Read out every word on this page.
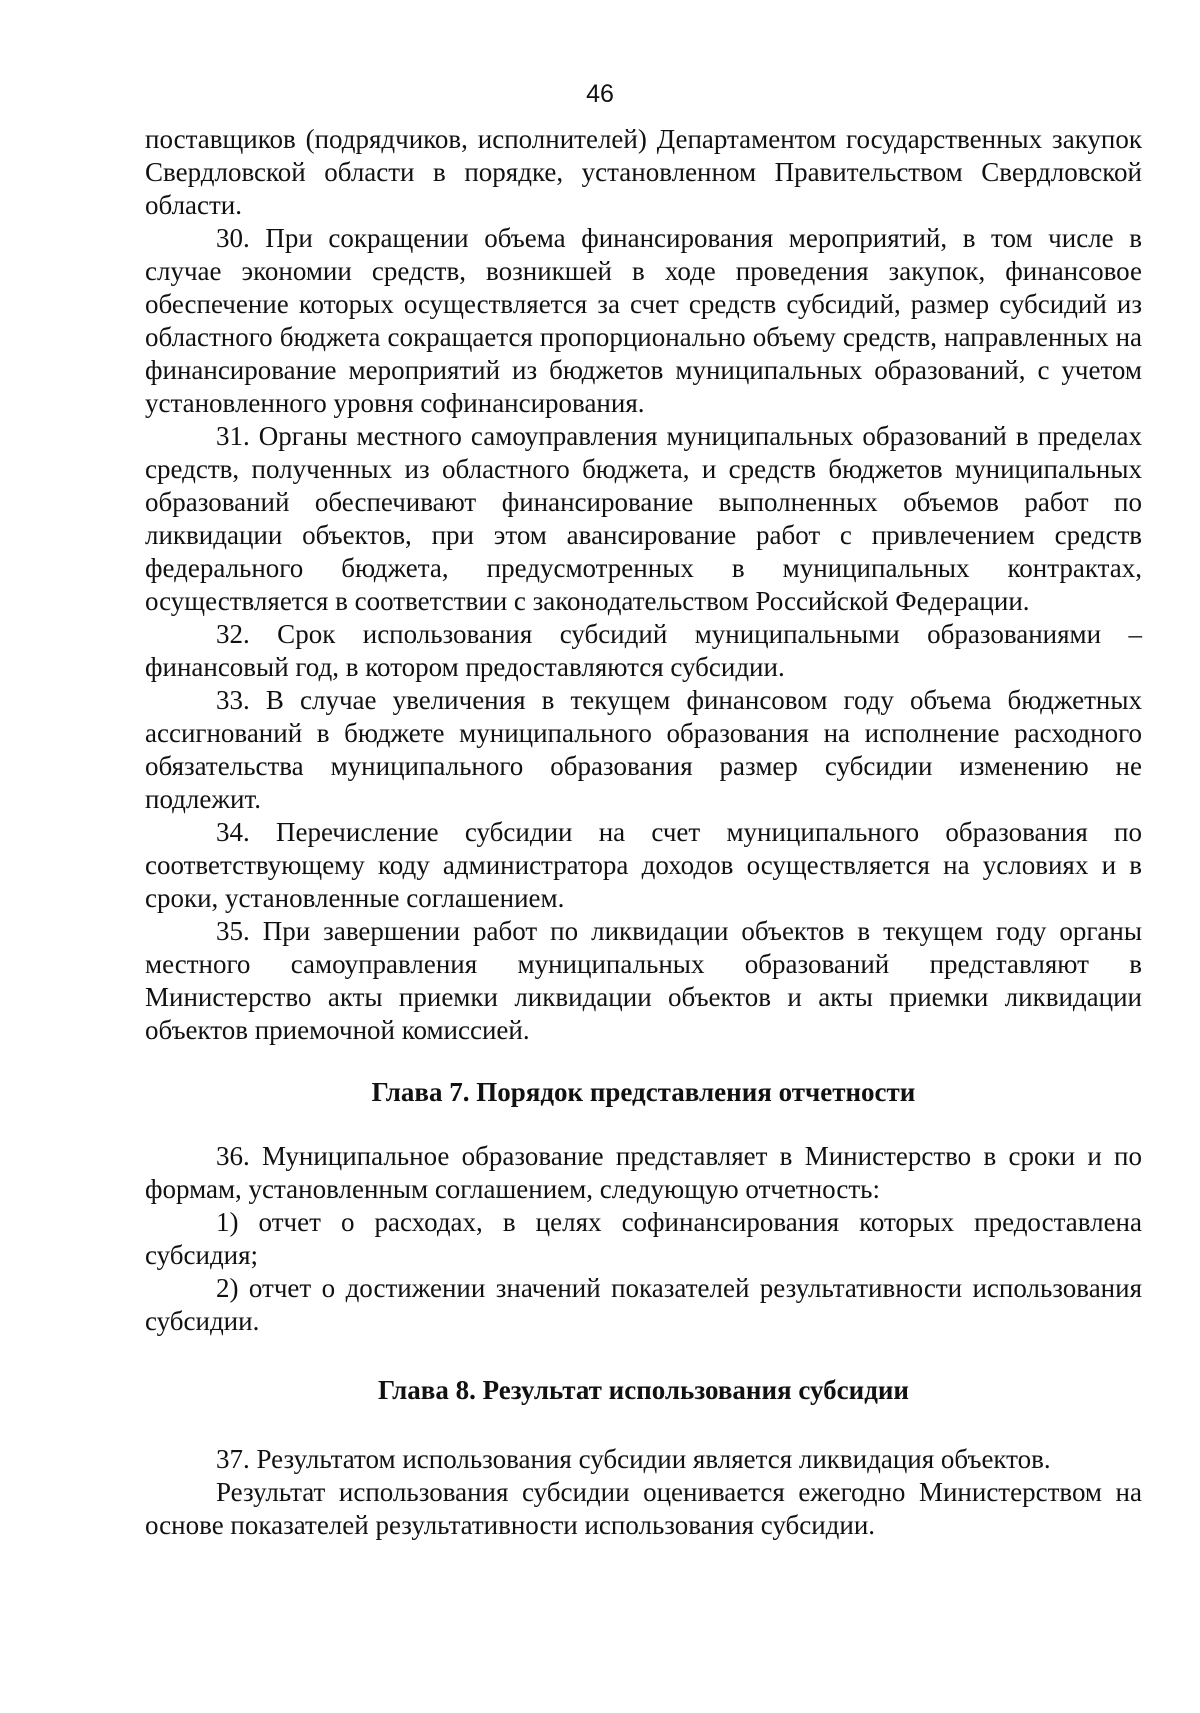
46

поставщиков (подрядчиков, исполнителей) Департаментом государственных закупок Свердловской области в порядке, установленном Правительством Свердловской области.

30. При сокращении объема финансирования мероприятий, в том числе в случае экономии средств, возникшей в ходе проведения закупок, финансовое обеспечение которых осуществляется за счет средств субсидий, размер субсидий из областного бюджета сокращается пропорционально объему средств, направленных на финансирование мероприятий из бюджетов муниципальных образований, с учетом установленного уровня софинансирования.

31. Органы местного самоуправления муниципальных образований в пределах средств, полученных из областного бюджета, и средств бюджетов муниципальных образований обеспечивают финансирование выполненных объемов работ по ликвидации объектов, при этом авансирование работ с привлечением средств федерального бюджета, предусмотренных в муниципальных контрактах, осуществляется в соответствии с законодательством Российской Федерации.

32. Срок использования субсидий муниципальными образованиями – финансовый год, в котором предоставляются субсидии.

33. В случае увеличения в текущем финансовом году объема бюджетных ассигнований в бюджете муниципального образования на исполнение расходного обязательства муниципального образования размер субсидии изменению не подлежит.

34. Перечисление субсидии на счет муниципального образования по соответствующему коду администратора доходов осуществляется на условиях и в сроки, установленные соглашением.

35. При завершении работ по ликвидации объектов в текущем году органы местного самоуправления муниципальных образований представляют в Министерство акты приемки ликвидации объектов и акты приемки ликвидации объектов приемочной комиссией.

Глава 7. Порядок представления отчетности

36. Муниципальное образование представляет в Министерство в сроки и по формам, установленным соглашением, следующую отчетность:

1) отчет о расходах, в целях софинансирования которых предоставлена субсидия;

2) отчет о достижении значений показателей результативности использования субсидии.

Глава 8. Результат использования субсидии

37. Результатом использования субсидии является ликвидация объектов.

Результат использования субсидии оценивается ежегодно Министерством на основе показателей результативности использования субсидии.
